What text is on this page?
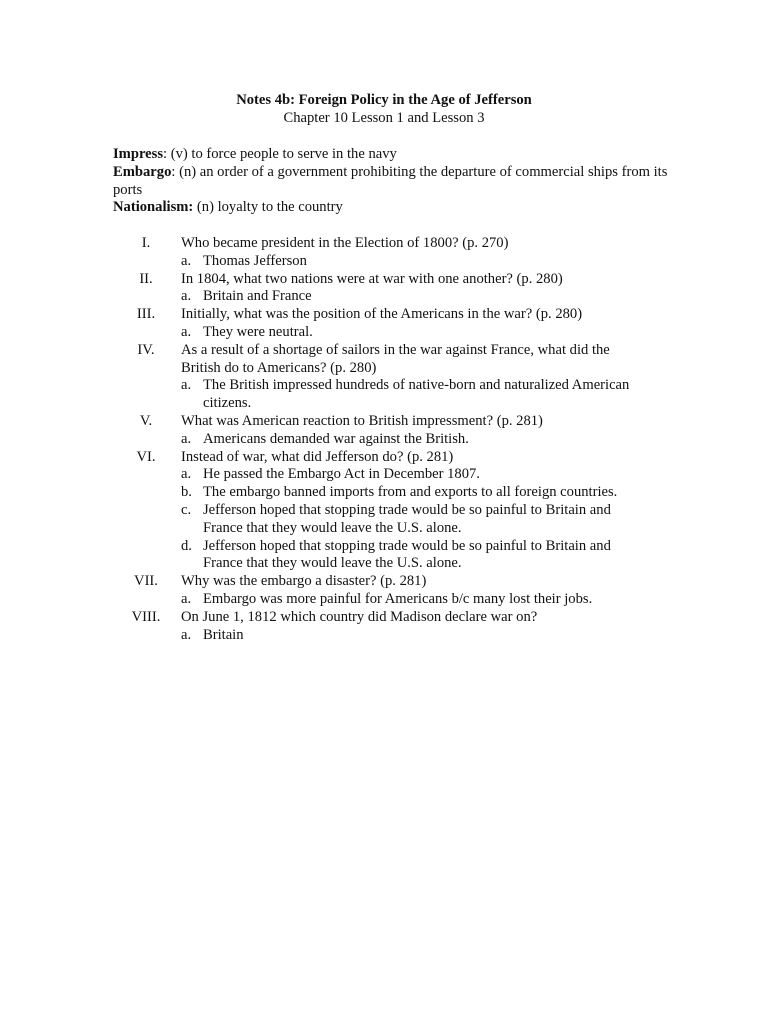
Notes 4b: Foreign Policy in the Age of Jefferson
Chapter 10 Lesson 1 and Lesson 3
Impress: (v) to force people to serve in the navy
Embargo: (n) an order of a government prohibiting the departure of commercial ships from its ports
Nationalism: (n) loyalty to the country
I.	Who became president in the Election of 1800? (p. 270)
a. Thomas Jefferson
II.	In 1804, what two nations were at war with one another? (p. 280)
a. Britain and France
III.	Initially, what was the position of the Americans in the war? (p. 280)
a. They were neutral.
IV.	As a result of a shortage of sailors in the war against France, what did the British do to Americans? (p. 280)
a. The British impressed hundreds of native-born and naturalized American citizens.
V.	What was American reaction to British impressment? (p. 281)
a. Americans demanded war against the British.
VI.	Instead of war, what did Jefferson do? (p. 281)
a. He passed the Embargo Act in December 1807.
b. The embargo banned imports from and exports to all foreign countries.
c. Jefferson hoped that stopping trade would be so painful to Britain and France that they would leave the U.S. alone.
d. Jefferson hoped that stopping trade would be so painful to Britain and France that they would leave the U.S. alone.
VII.	Why was the embargo a disaster? (p. 281)
a. Embargo was more painful for Americans b/c many lost their jobs.
VIII.	On June 1, 1812 which country did Madison declare war on?
a. Britain
